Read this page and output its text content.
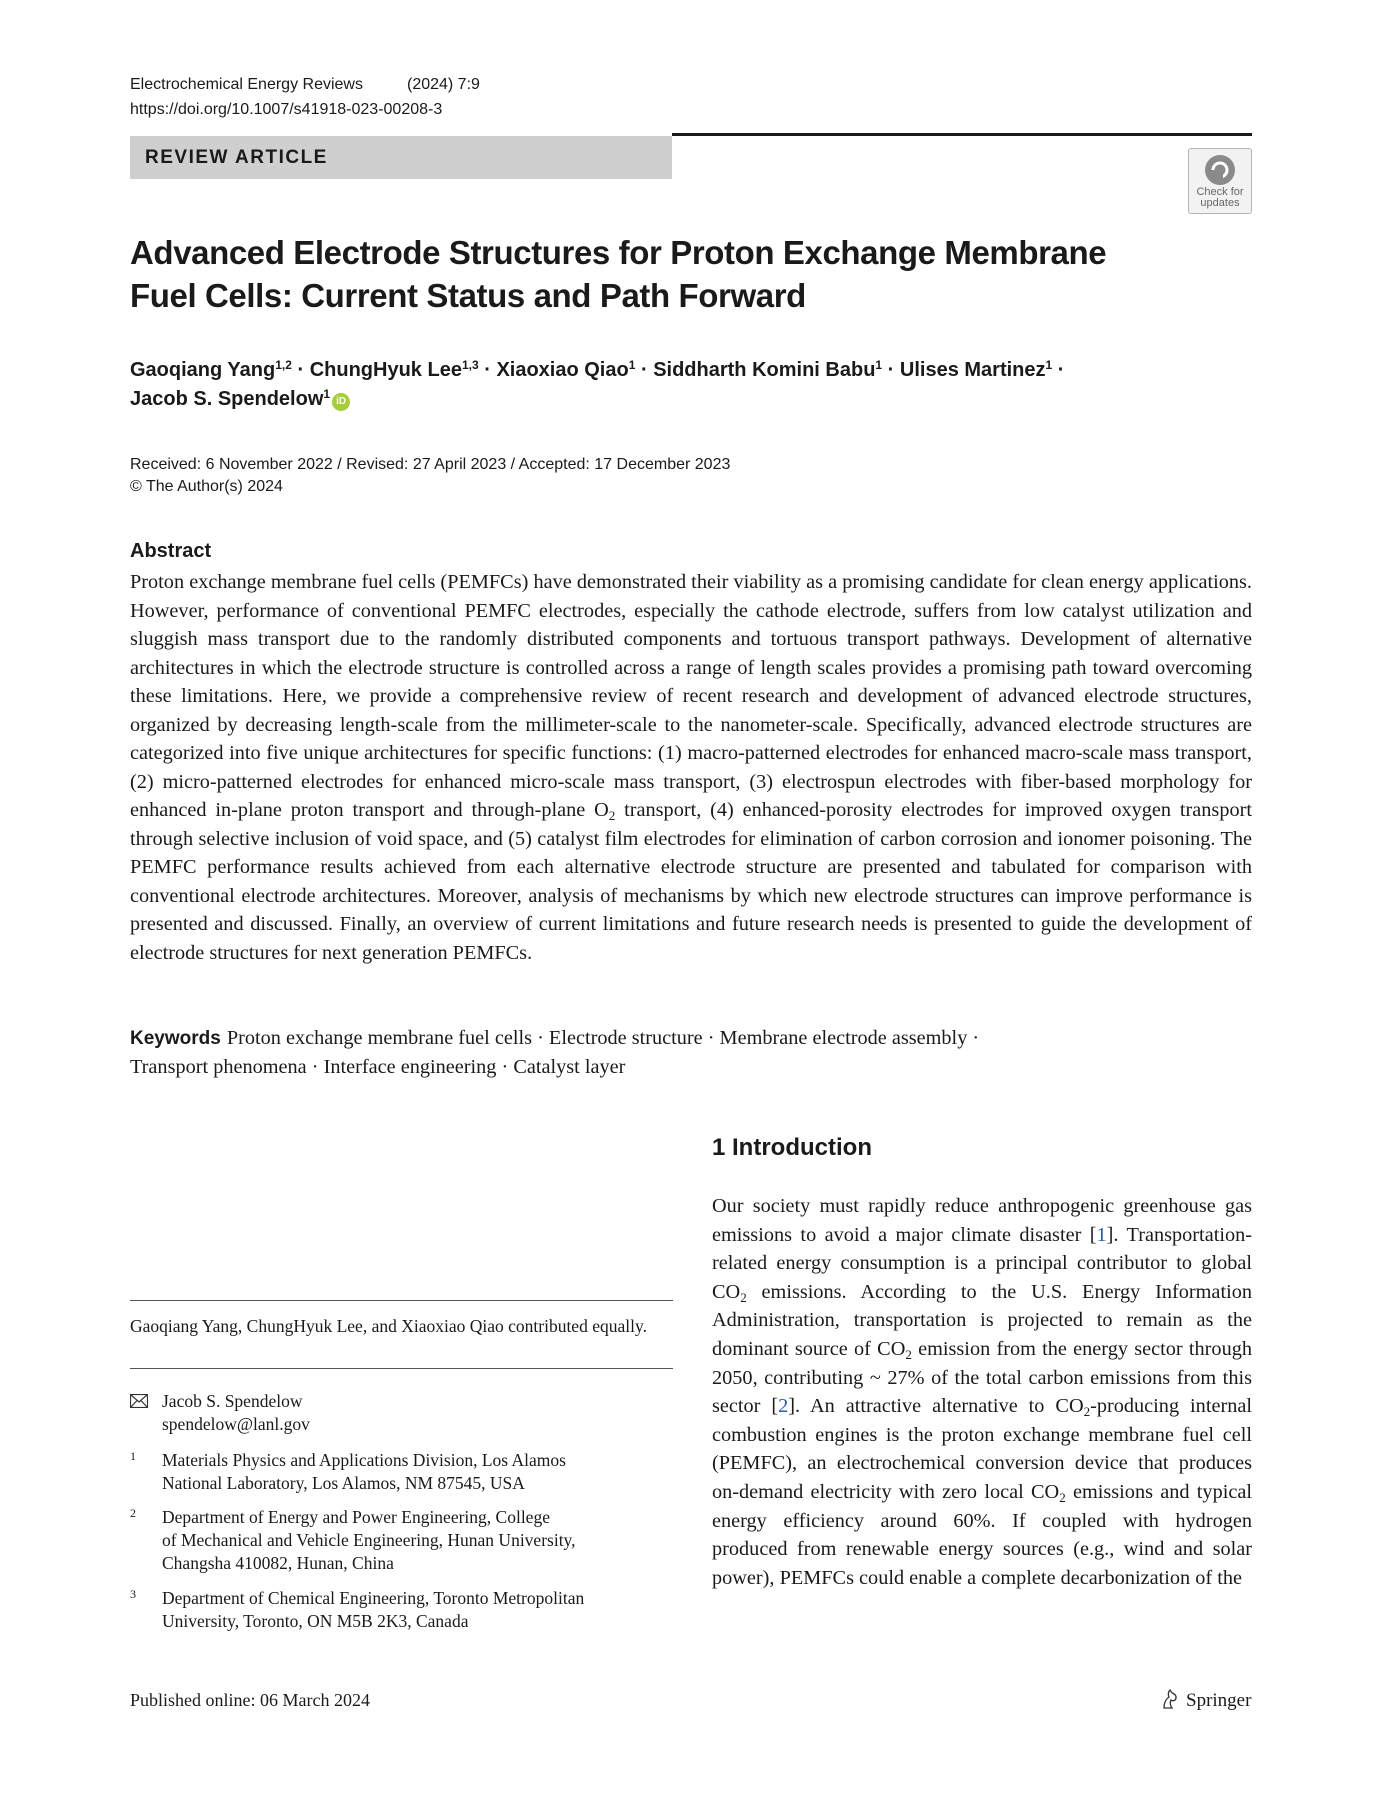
Electrochemical Energy Reviews	(2024) 7:9
https://doi.org/10.1007/s41918-023-00208-3
REVIEW ARTICLE
Check for
updates
Advanced Electrode Structures for Proton Exchange Membrane Fuel Cells: Current Status and Path Forward
Gaoqiang Yang$^{1,2}$ · ChungHyuk Lee$^{1,3}$ · Xiaoxiao Qiao$^1$ · Siddharth Komini Babu$^1$ · Ulises Martinez$^1$ ·
Jacob S. Spendelow$^1$iD
Received: 6 November 2022 / Revised: 27 April 2023 / Accepted: 17 December 2023
© The Author(s) 2024
Abstract

Proton exchange membrane fuel cells (PEMFCs) have demonstrated their viability as a promising candidate for clean energy applications. However, performance of conventional PEMFC electrodes, especially the cathode electrode, suffers from low catalyst utilization and sluggish mass transport due to the randomly distributed components and tortuous transport pathways. Development of alternative architectures in which the electrode structure is controlled across a range of length scales provides a promising path toward overcoming these limitations. Here, we provide a comprehensive review of recent research and development of advanced electrode structures, organized by decreasing length-scale from the millimeter-scale to the nanometer-scale. Specifically, advanced electrode structures are categorized into five unique architectures for specific functions: (1) macro-patterned electrodes for enhanced macro-scale mass transport, (2) micro-patterned electrodes for enhanced micro-scale mass transport, (3) electrospun electrodes with fiber-based morphology for enhanced in-plane proton transport and through-plane $O_2$ transport, (4) enhanced-porosity electrodes for improved oxygen transport through selective inclusion of void space, and (5) catalyst film electrodes for elimination of carbon corrosion and ionomer poisoning. The PEMFC performance results achieved from each alternative electrode structure are presented and tabulated for comparison with conventional electrode architectures. Moreover, analysis of mechanisms by which new electrode structures can improve performance is presented and discussed. Finally, an overview of current limitations and future research needs is presented to guide the development of electrode structures for next generation PEMFCs.

Keywords Proton exchange membrane fuel cells · Electrode structure · Membrane electrode assembly ·
Transport phenomena · Interface engineering · Catalyst layer
1 Introduction

Our society must rapidly reduce anthropogenic greenhouse gas emissions to avoid a major climate disaster [1]. Transportation-related energy consumption is a principal contributor to global $CO_2$ emissions. According to the U.S. Energy Information Administration, transportation is projected to remain as the dominant source of $CO_2$ emission from the energy sector through 2050, contributing ~ 27% of the total carbon emissions from this sector [2]. An attractive alternative to $CO_2$-producing internal combustion engines is the proton exchange membrane fuel cell (PEMFC), an electrochemical conversion device that produces on-demand electricity with zero local $CO_2$ emissions and typical energy efficiency around 60%. If coupled with hydrogen produced from renewable energy sources (e.g., wind and solar power), PEMFCs could enable a complete decarbonization of the

Gaoqiang Yang, ChungHyuk Lee, and Xiaoxiao Qiao contributed equally.
Jacob S. Spendelow
spendelow@lanl.gov
1 Materials Physics and Applications Division, Los Alamos
National Laboratory, Los Alamos, NM 87545, USA
2 Department of Energy and Power Engineering, College
of Mechanical and Vehicle Engineering, Hunan University,
Changsha 410082, Hunan, China
3 Department of Chemical Engineering, Toronto Metropolitan
University, Toronto, ON M5B 2K3, Canada
Published online: 06 March 2024	Springer
